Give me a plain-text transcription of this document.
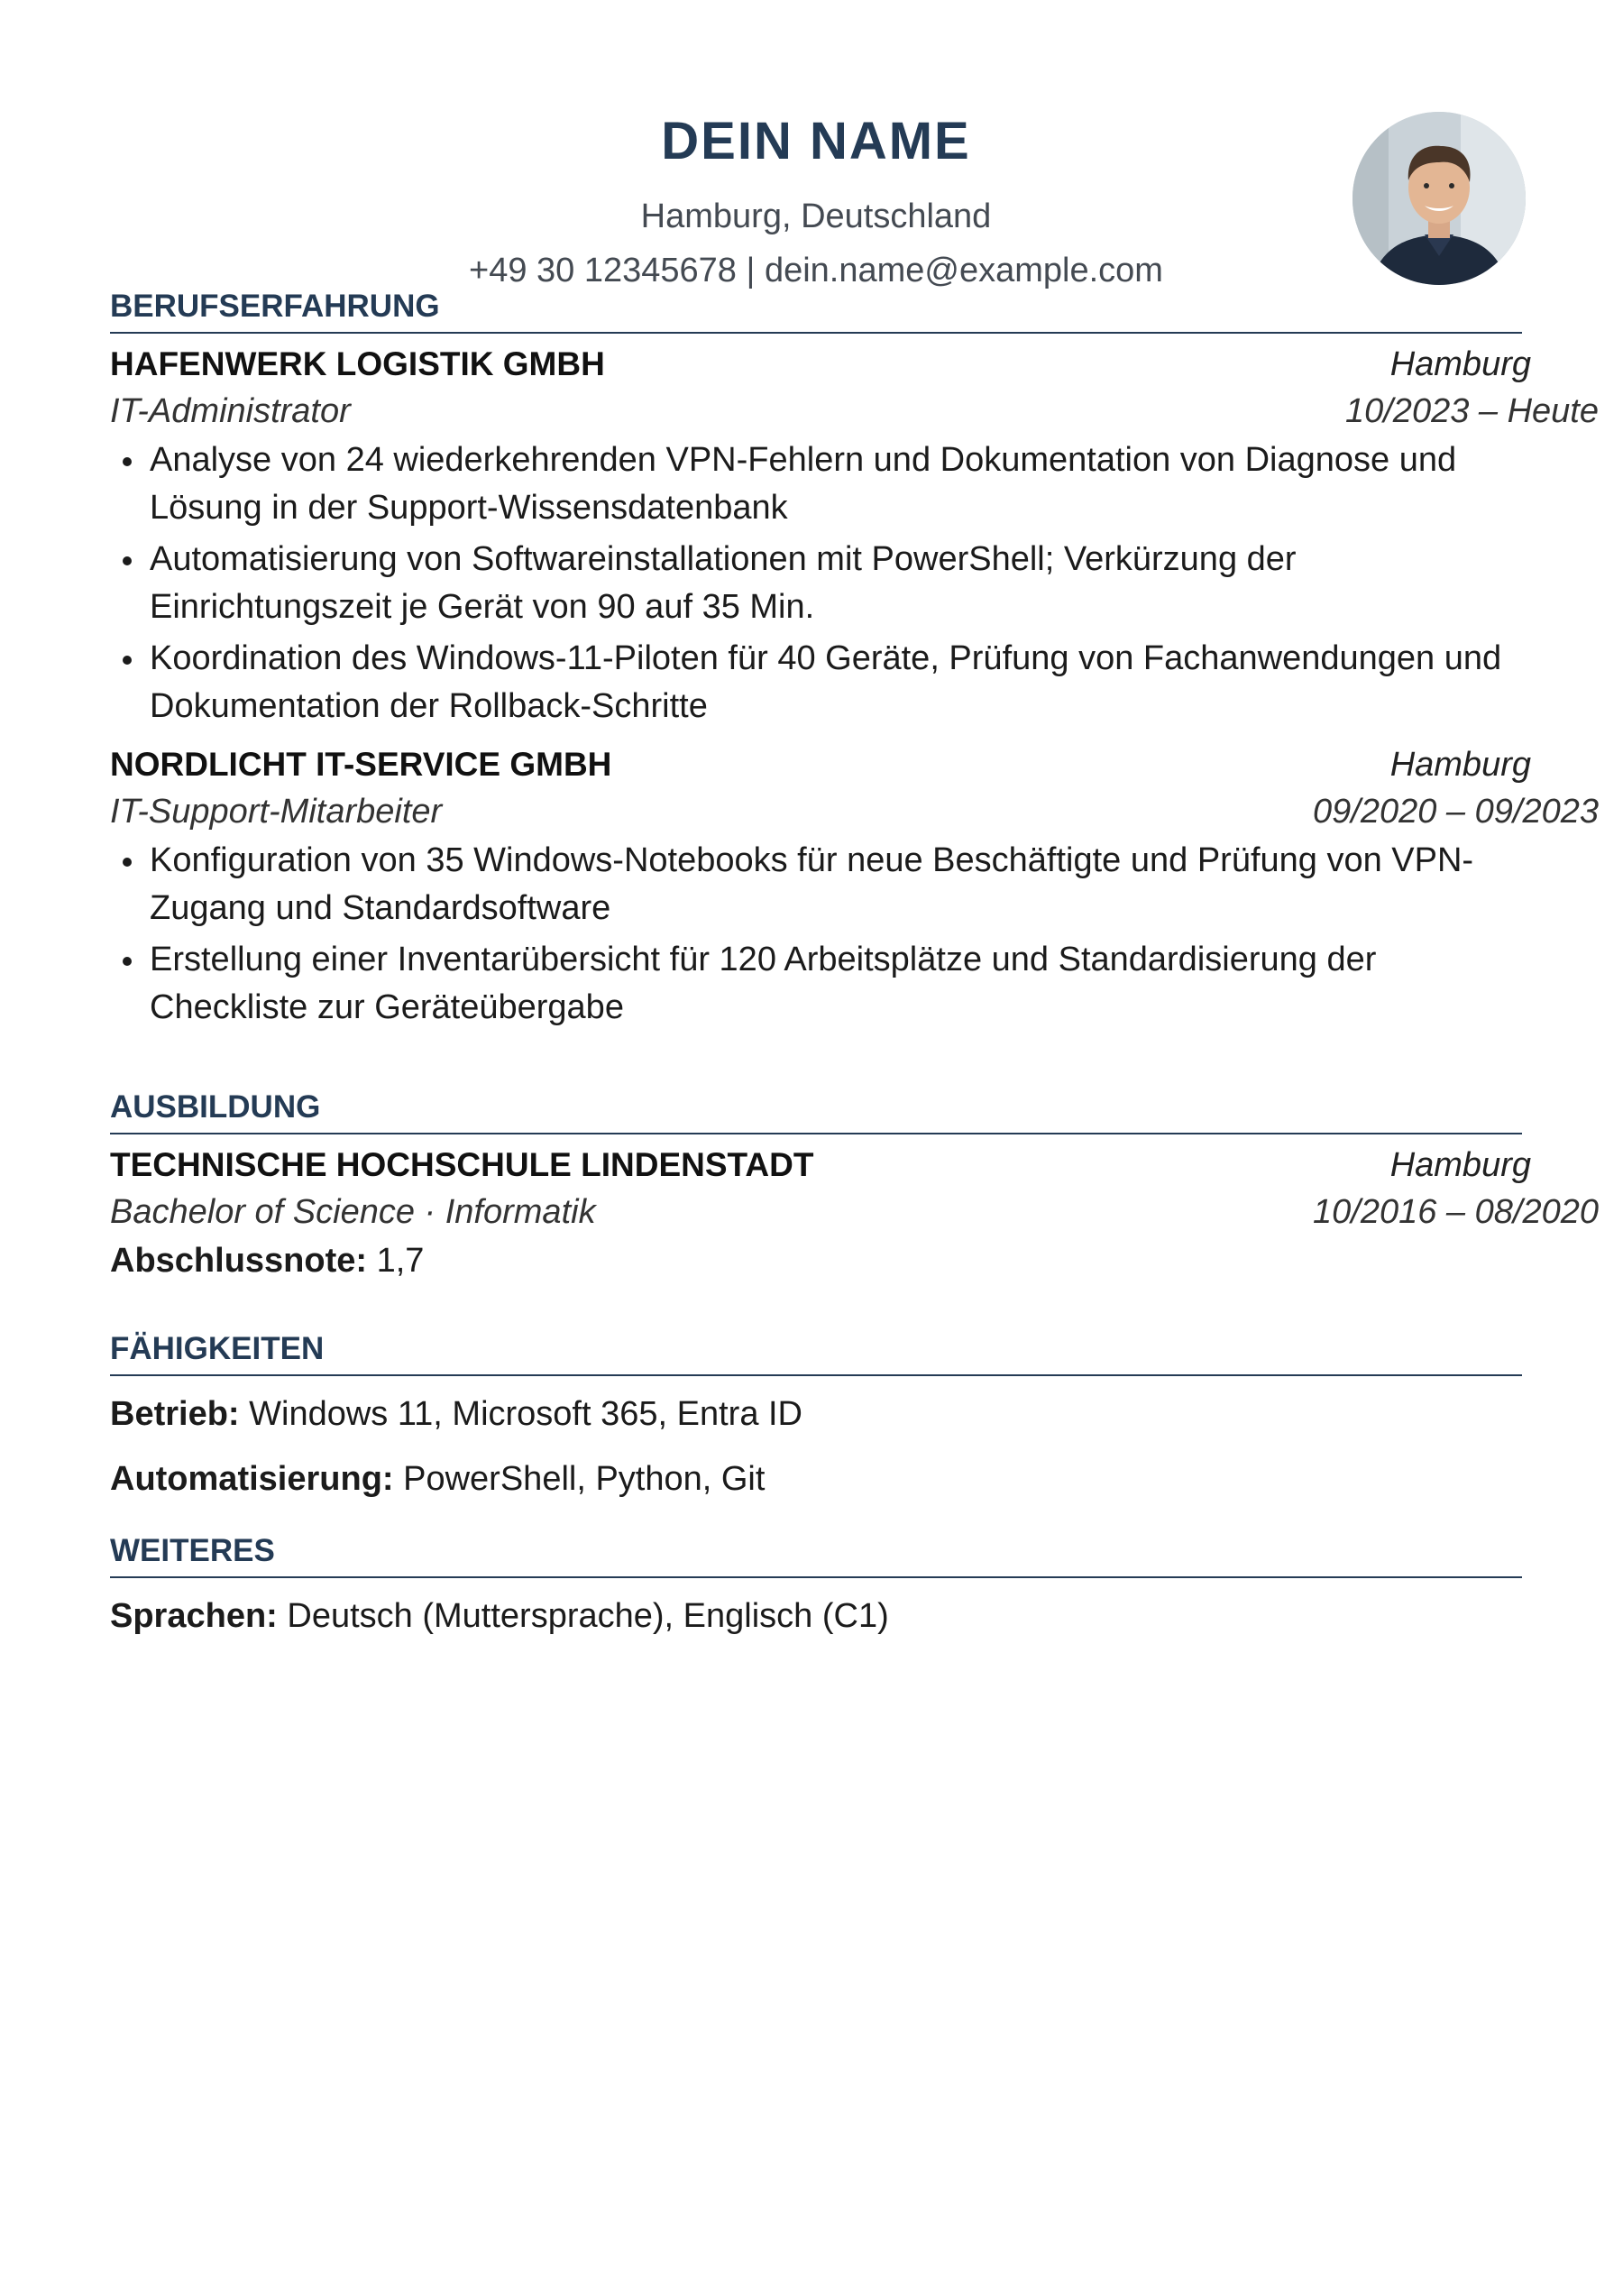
DEIN NAME
Hamburg, Deutschland
+49 30 12345678 | dein.name@example.com
BERUFSERFAHRUNG
HAFENWERK LOGISTIK GMBH	Hamburg
IT-Administrator	10/2023 – Heute
Analyse von 24 wiederkehrenden VPN-Fehlern und Dokumentation von Diagnose und Lösung in der Support-Wissensdatenbank
Automatisierung von Softwareinstallationen mit PowerShell; Verkürzung der Einrichtungszeit je Gerät von 90 auf 35 Min.
Koordination des Windows-11-Piloten für 40 Geräte, Prüfung von Fachanwendungen und Dokumentation der Rollback-Schritte
NORDLICHT IT-SERVICE GMBH	Hamburg
IT-Support-Mitarbeiter	09/2020 – 09/2023
Konfiguration von 35 Windows-Notebooks für neue Beschäftigte und Prüfung von VPN-Zugang und Standardsoftware
Erstellung einer Inventarübersicht für 120 Arbeitsplätze und Standardisierung der Checkliste zur Geräteübergabe
AUSBILDUNG
TECHNISCHE HOCHSCHULE LINDENSTADT	Hamburg
Bachelor of Science · Informatik	10/2016 – 08/2020
Abschlussnote: 1,7
FÄHIGKEITEN
Betrieb: Windows 11, Microsoft 365, Entra ID
Automatisierung: PowerShell, Python, Git
WEITERES
Sprachen: Deutsch (Muttersprache), Englisch (C1)
